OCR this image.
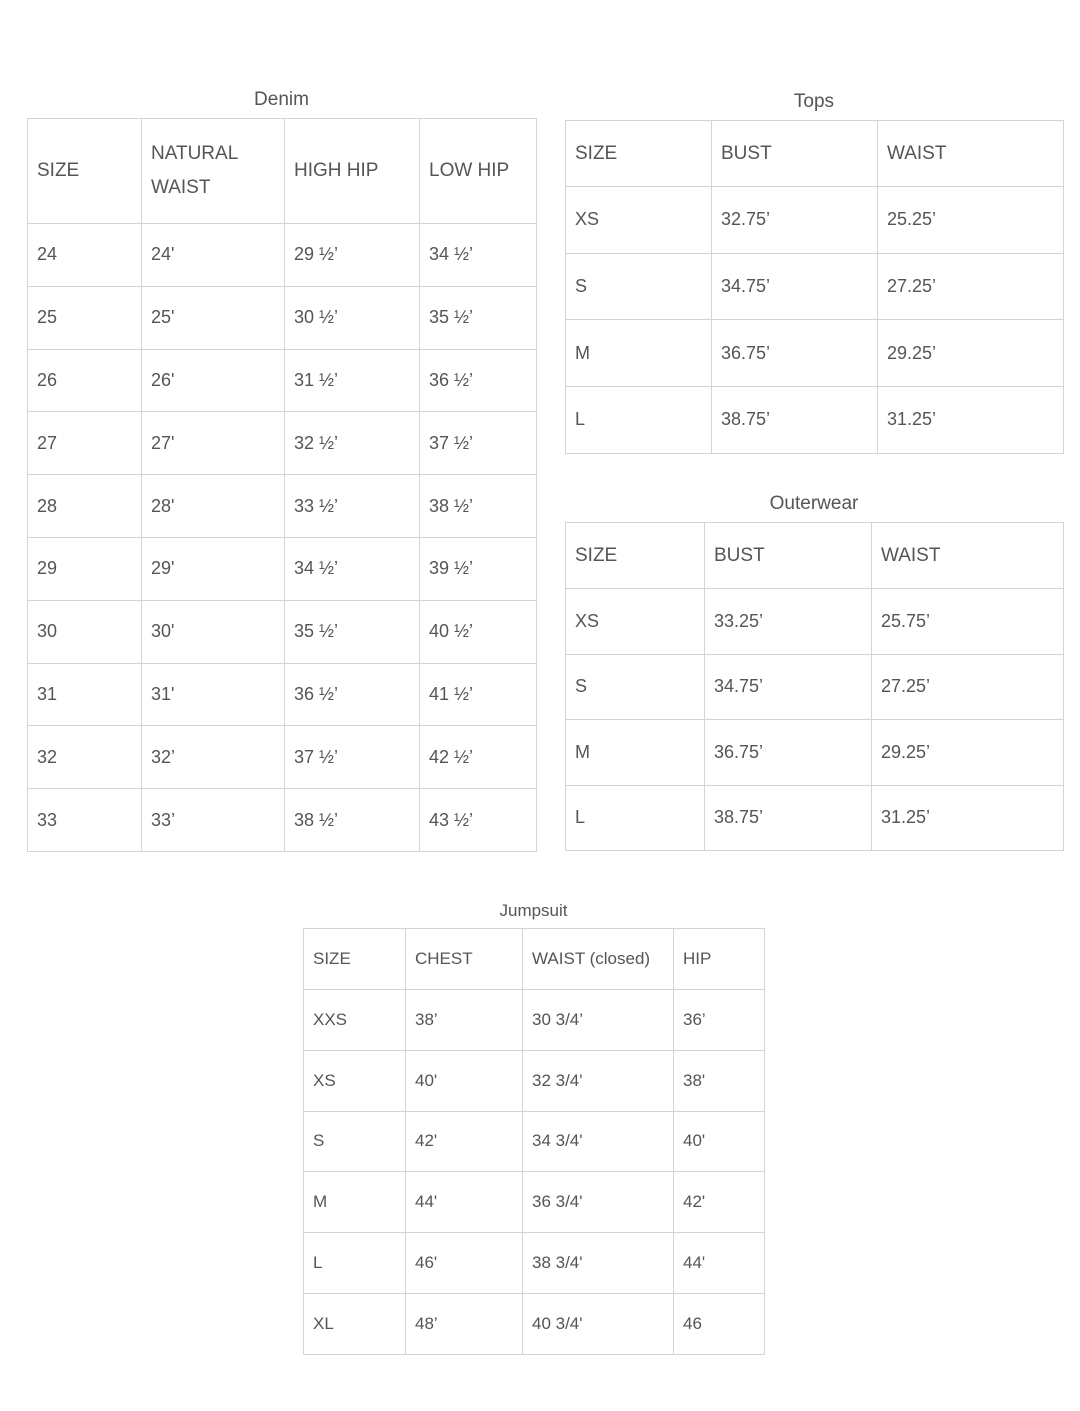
Denim
SIZE	NATURAL WAIST	HIGH HIP	LOW HIP
24	24'	29 ½’	34 ½’
25	25'	30 ½’	35 ½’
26	26'	31 ½’	36 ½’
27	27'	32 ½’	37 ½’
28	28'	33 ½’	38 ½’
29	29'	34 ½’	39 ½’
30	30'	35 ½’	40 ½’
31	31'	36 ½’	41 ½’
32	32’	37 ½’	42 ½’
33	33’	38 ½’	43 ½’
Tops
SIZE	BUST	WAIST
XS	32.75’	25.25’
S	34.75’	27.25’
M	36.75’	29.25’
L	38.75’	31.25’
Outerwear
SIZE	BUST	WAIST
XS	33.25’	25.75’
S	34.75’	27.25’
M	36.75’	29.25’
L	38.75’	31.25’
Jumpsuit
SIZE	CHEST	WAIST (closed)	HIP
XXS	38’	30 3/4’	36’
XS	40'	32 3/4'	38'
S	42'	34 3/4'	40'
M	44'	36 3/4'	42'
L	46'	38 3/4'	44'
XL	48’	40 3/4'	46
